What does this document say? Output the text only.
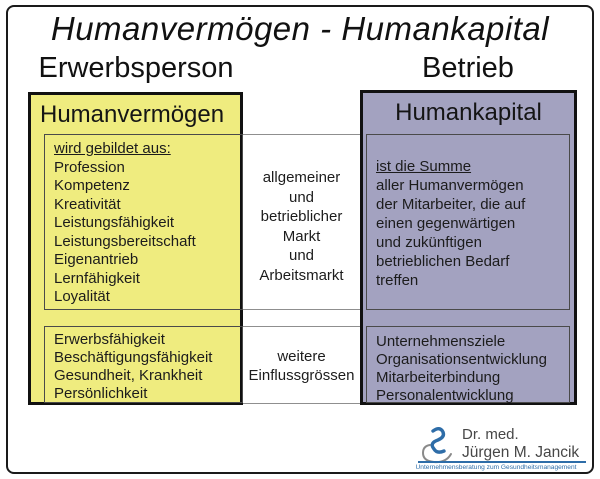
Humanvermögen - Humankapital
Erwerbsperson	Betrieb
Humanvermögen	Humankapital
wird gebildet aus:
Profession
Kompetenz
Kreativität
Leistungsfähigkeit
Leistungsbereitschaft
Eigenantrieb
Lernfähigkeit
Loyalität
Erwerbsfähigkeit
Beschäftigungsfähigkeit
Gesundheit, Krankheit
Persönlichkeit
allgemeiner
und
betrieblicher
Markt
und
Arbeitsmarkt
weitere
Einflussgrössen
ist die Summe
aller Humanvermögen
der Mitarbeiter, die auf
einen gegenwärtigen
und zukünftigen
betrieblichen Bedarf
treffen
Unternehmensziele
Organisationsentwicklung
Mitarbeiterbindung
Personalentwicklung
Dr. med.
Jürgen M. Jancik
Unternehmensberatung zum Gesundheitsmanagement
